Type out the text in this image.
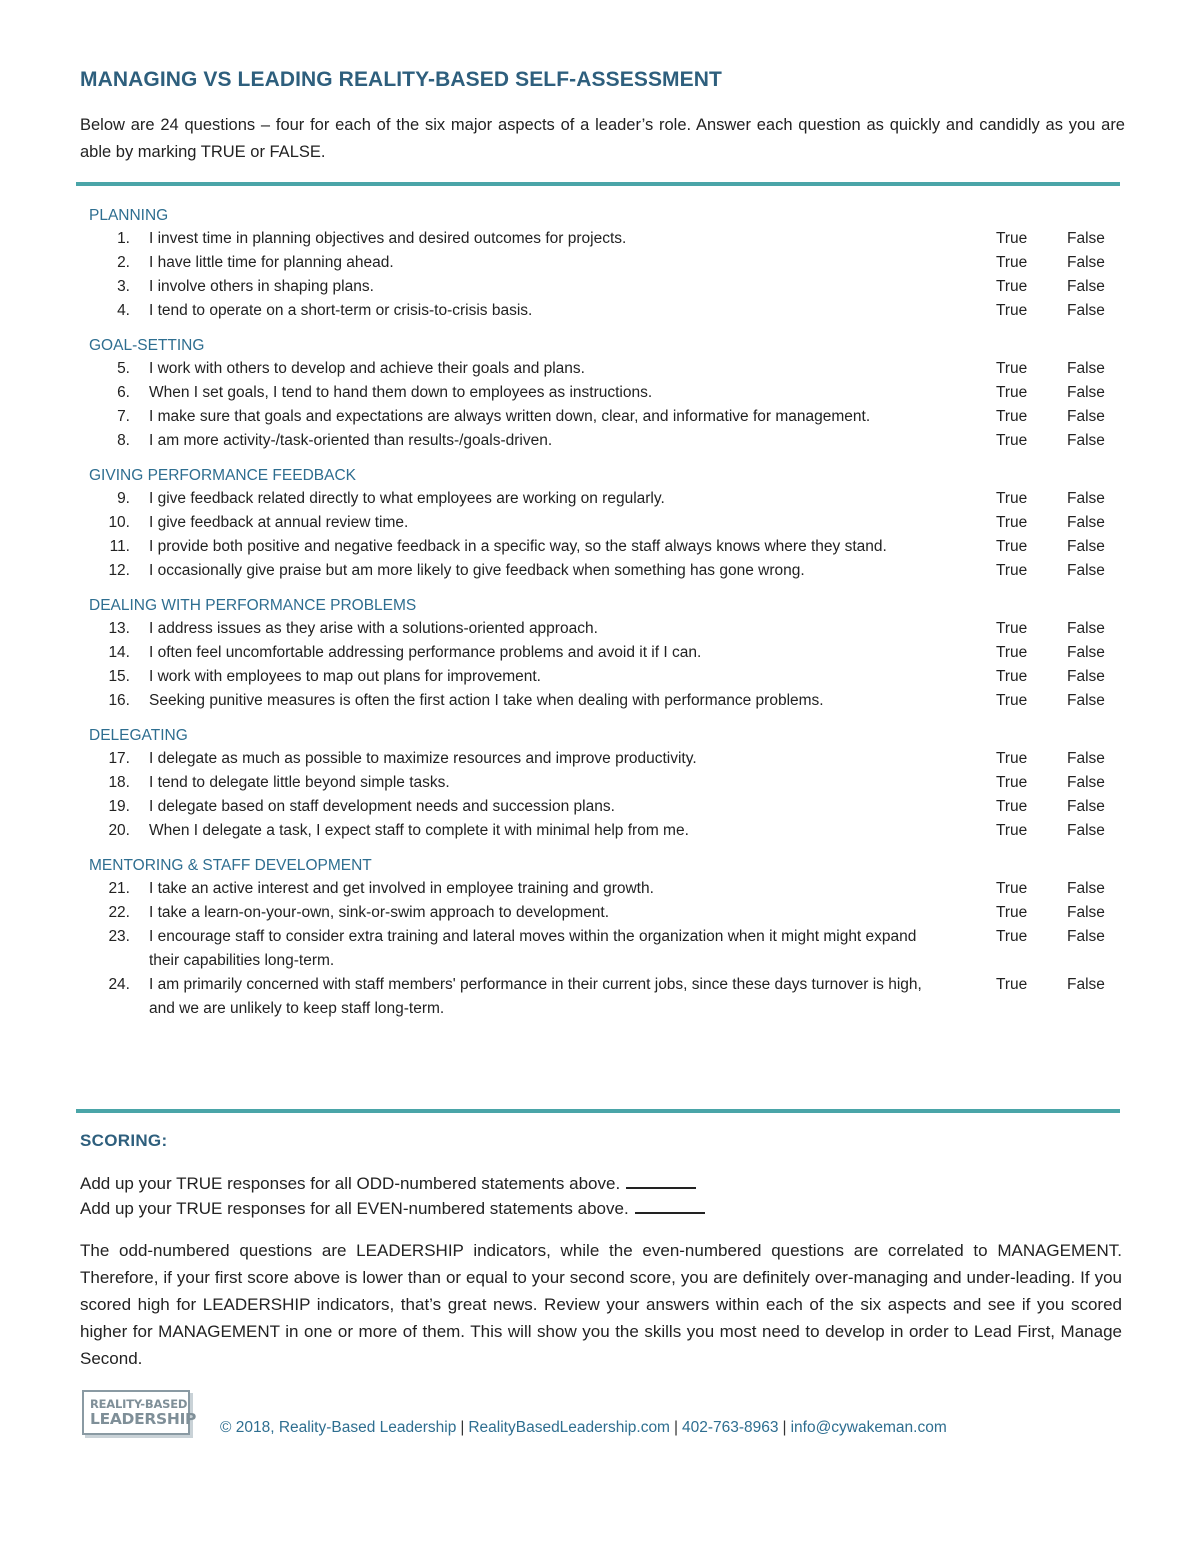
MANAGING VS LEADING REALITY-BASED SELF-ASSESSMENT
Below are 24 questions – four for each of the six major aspects of a leader’s role. Answer each question as quickly and candidly as you are able by marking TRUE or FALSE.
PLANNING
1. I invest time in planning objectives and desired outcomes for projects.	True	False
2. I have little time for planning ahead.	True	False
3. I involve others in shaping plans.	True	False
4. I tend to operate on a short-term or crisis-to-crisis basis.	True	False
GOAL-SETTING
5. I work with others to develop and achieve their goals and plans.	True	False
6. When I set goals, I tend to hand them down to employees as instructions.	True	False
7. I make sure that goals and expectations are always written down, clear, and informative for management.	True	False
8. I am more activity-/task-oriented than results-/goals-driven.	True	False
GIVING PERFORMANCE FEEDBACK
9. I give feedback related directly to what employees are working on regularly.	True	False
10. I give feedback at annual review time.	True	False
11. I provide both positive and negative feedback in a specific way, so the staff always knows where they stand.	True	False
12. I occasionally give praise but am more likely to give feedback when something has gone wrong.	True	False
DEALING WITH PERFORMANCE PROBLEMS
13. I address issues as they arise with a solutions-oriented approach.	True	False
14. I often feel uncomfortable addressing performance problems and avoid it if I can.	True	False
15. I work with employees to map out plans for improvement.	True	False
16. Seeking punitive measures is often the first action I take when dealing with performance problems.	True	False
DELEGATING
17. I delegate as much as possible to maximize resources and improve productivity.	True	False
18. I tend to delegate little beyond simple tasks.	True	False
19. I delegate based on staff development needs and succession plans.	True	False
20. When I delegate a task, I expect staff to complete it with minimal help from me.	True	False
MENTORING & STAFF DEVELOPMENT
21. I take an active interest and get involved in employee training and growth.	True	False
22. I take a learn-on-your-own, sink-or-swim approach to development.	True	False
23. I encourage staff to consider extra training and lateral moves within the organization when it might might expand their capabilities long-term.
True	False
24. I am primarily concerned with staff members' performance in their current jobs, since these days turnover is high, and we are unlikely to keep staff long-term.
True	False
SCORING:
Add up your TRUE responses for all ODD-numbered statements above.
Add up your TRUE responses for all EVEN-numbered statements above.
The odd-numbered questions are LEADERSHIP indicators, while the even-numbered questions are correlated to MANAGEMENT. Therefore, if your first score above is lower than or equal to your second score, you are definitely over-managing and under-leading. If you scored high for LEADERSHIP indicators, that’s great news. Review your answers within each of the six aspects and see if you scored higher for MANAGEMENT in one or more of them. This will show you the skills you most need to develop in order to Lead First, Manage Second.
REALITY-BASED
LEADERSHIP © 2018, Reality-Based Leadership | RealityBasedLeadership.com | 402-763-8963 | info@cywakeman.com
